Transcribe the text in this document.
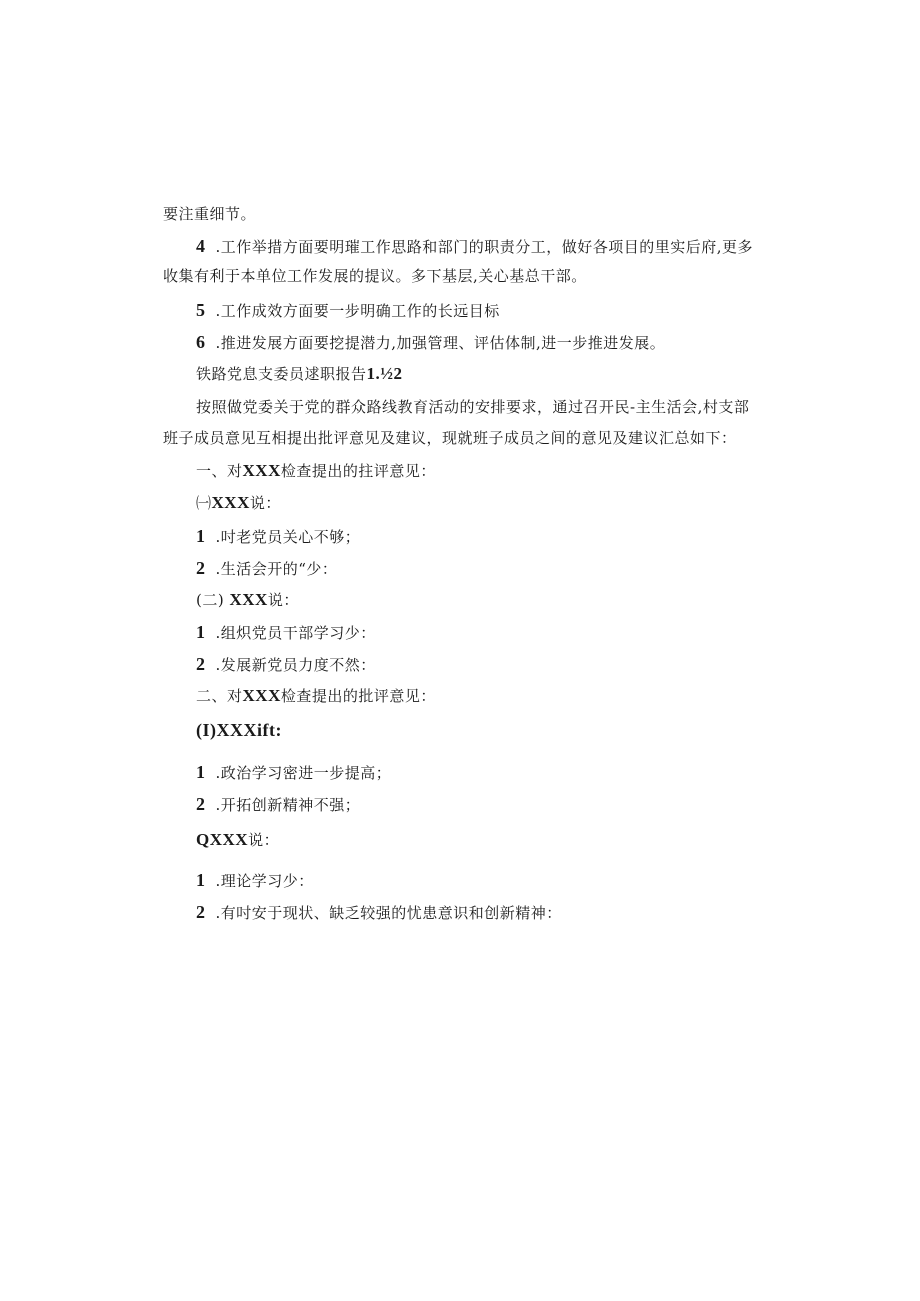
要注重细节。
4 .工作举措方面要明璀工作思路和部门的职责分工，做好各项目的里实后府,更多
收集有利于本单位工作发展的提议。多下基层,关心基总干部。
5 .工作成效方面要一步明确工作的长远目标
6 .推进发展方面要挖提潜力,加强管理、评估体制,进一步推进发展。
铁路党息支委员逑职报告1.½2
按照做党委关于党的群众路线教育活动的安排要求，通过召开民-主生活会,村支部
班子成员意见互相提出批评意见及建议，现就班子成员之间的意见及建议汇总如下：
一、对XXX检查提出的拄评意见：
㈠XXX说：
1 .吋老党员关心不够；
2 .生活会开的“少：
(二) XXX说：
1 .组炽党员干部学习少：
2 .发展新党员力度不然：
二、对XXX检查提出的批评意见：
(I)XXXift:
1 .政治学习密进一步提高；
2 .开拓创新精神不强；
QXXX说：
1 .理论学习少：
2 .有吋安于现状、缺乏较强的忧患意识和创新精神：
